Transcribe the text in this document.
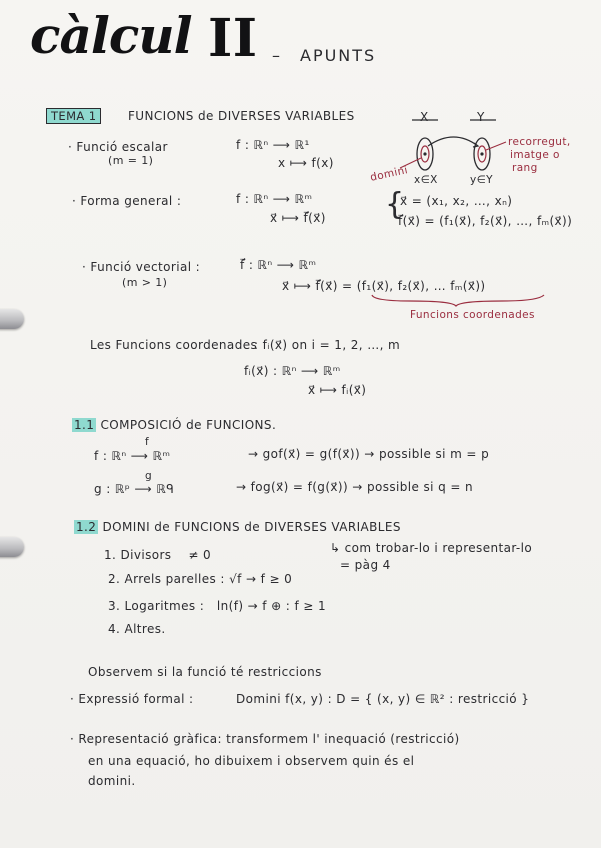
càlcul II – APUNTS
TEMA 1	FUNCIONS de DIVERSES VARIABLES
· Funció escalar
(m = 1)
f : ℝⁿ ⟶ ℝ¹
x ⟼ f(x)
X	Y
domini x∈X	y∈Y
recorregut,
imatge o
rang
· Forma general :	f : ℝⁿ ⟶ ℝᵐ
x⃗ ⟼ f⃗(x⃗) {
x⃗ = (x₁, x₂, …, xₙ)
f⃗(x⃗) = (f₁(x⃗), f₂(x⃗), …, fₘ(x⃗))
· Funció vectorial :
(m > 1)
f⃗ : ℝⁿ ⟶ ℝᵐ
x⃗ ⟼ f⃗(x⃗) = (f₁(x⃗), f₂(x⃗), … fₘ(x⃗))
Funcions coordenades
Les Funcions coordenades
: fᵢ(x⃗) on i = 1, 2, …, m
fᵢ(x⃗) : ℝⁿ ⟶ ℝᵐ
x⃗ ⟼ fᵢ(x⃗)
1.1 COMPOSICIÓ de FUNCIONS.
f : ℝⁿ ⟶ ℝᵐ
f
→ gof(x⃗) = g(f(x⃗)) → possible si m = p
g : ℝᵖ ⟶ ℝᑫ
g
→ fog(x⃗) = f(g(x⃗)) → possible si q = n
1.2 DOMINI de FUNCIONS de DIVERSES VARIABLES
↳ com trobar-lo i representar-lo
= pàg 4
1. Divisors ≠ 0
2. Arrels parelles : √f → f ≥ 0
3. Logaritmes : ln(f) → f ⊕ : f ≥ 1
4. Altres.
Observem si la funció té restriccions
· Expressió formal :	Domini f(x, y) : D = { (x, y) ∈ ℝ² : restricció }
· Representació gràfica: transformem l' inequació (restricció)
en una equació, ho dibuixem i observem quin és el
domini.
